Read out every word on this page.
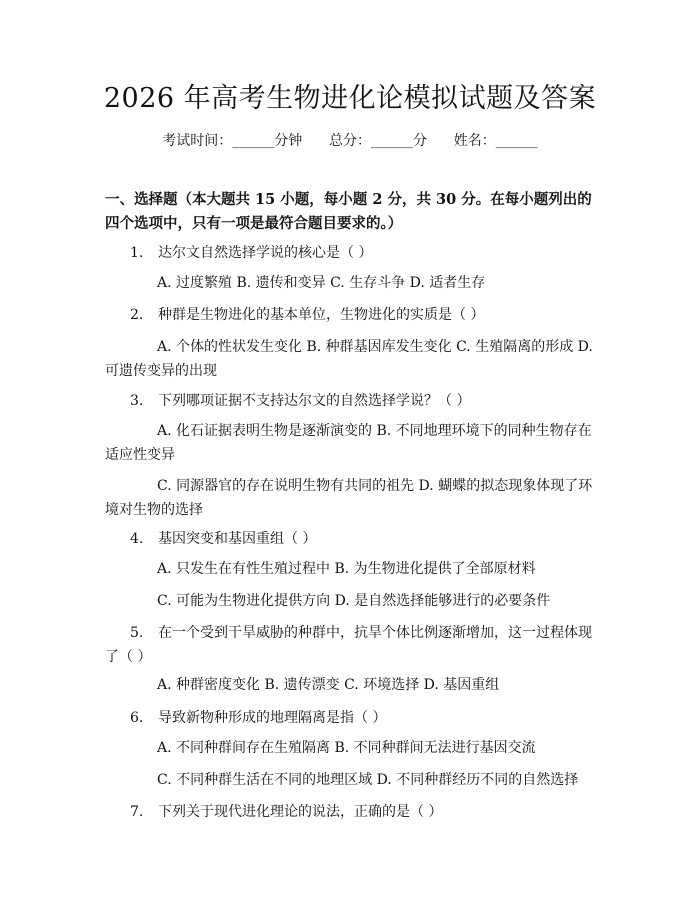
2026 年高考生物进化论模拟试题及答案
考试时间：______分钟      总分：______分      姓名：______
一、选择题（本大题共 15 小题，每小题 2 分，共 30 分。在每小题列出的四个选项中，只有一项是最符合题目要求的。）
1. 达尔文自然选择学说的核心是（ ）
A. 过度繁殖 B. 遗传和变异 C. 生存斗争 D. 适者生存
2. 种群是生物进化的基本单位，生物进化的实质是（ ）
A. 个体的性状发生变化 B. 种群基因库发生变化 C. 生殖隔离的形成 D. 可遗传变异的出现
3. 下列哪项证据不支持达尔文的自然选择学说？（ ）
A. 化石证据表明生物是逐渐演变的 B. 不同地理环境下的同种生物存在适应性变异
C. 同源器官的存在说明生物有共同的祖先 D. 蝴蝶的拟态现象体现了环境对生物的选择
4. 基因突变和基因重组（ ）
A. 只发生在有性生殖过程中 B. 为生物进化提供了全部原材料
C. 可能为生物进化提供方向 D. 是自然选择能够进行的必要条件
5. 在一个受到干旱威胁的种群中，抗旱个体比例逐渐增加，这一过程体现了（ ）
A. 种群密度变化 B. 遗传漂变 C. 环境选择 D. 基因重组
6. 导致新物种形成的地理隔离是指（ ）
A. 不同种群间存在生殖隔离 B. 不同种群间无法进行基因交流
C. 不同种群生活在不同的地理区域 D. 不同种群经历不同的自然选择
7. 下列关于现代进化理论的说法，正确的是（ ）
